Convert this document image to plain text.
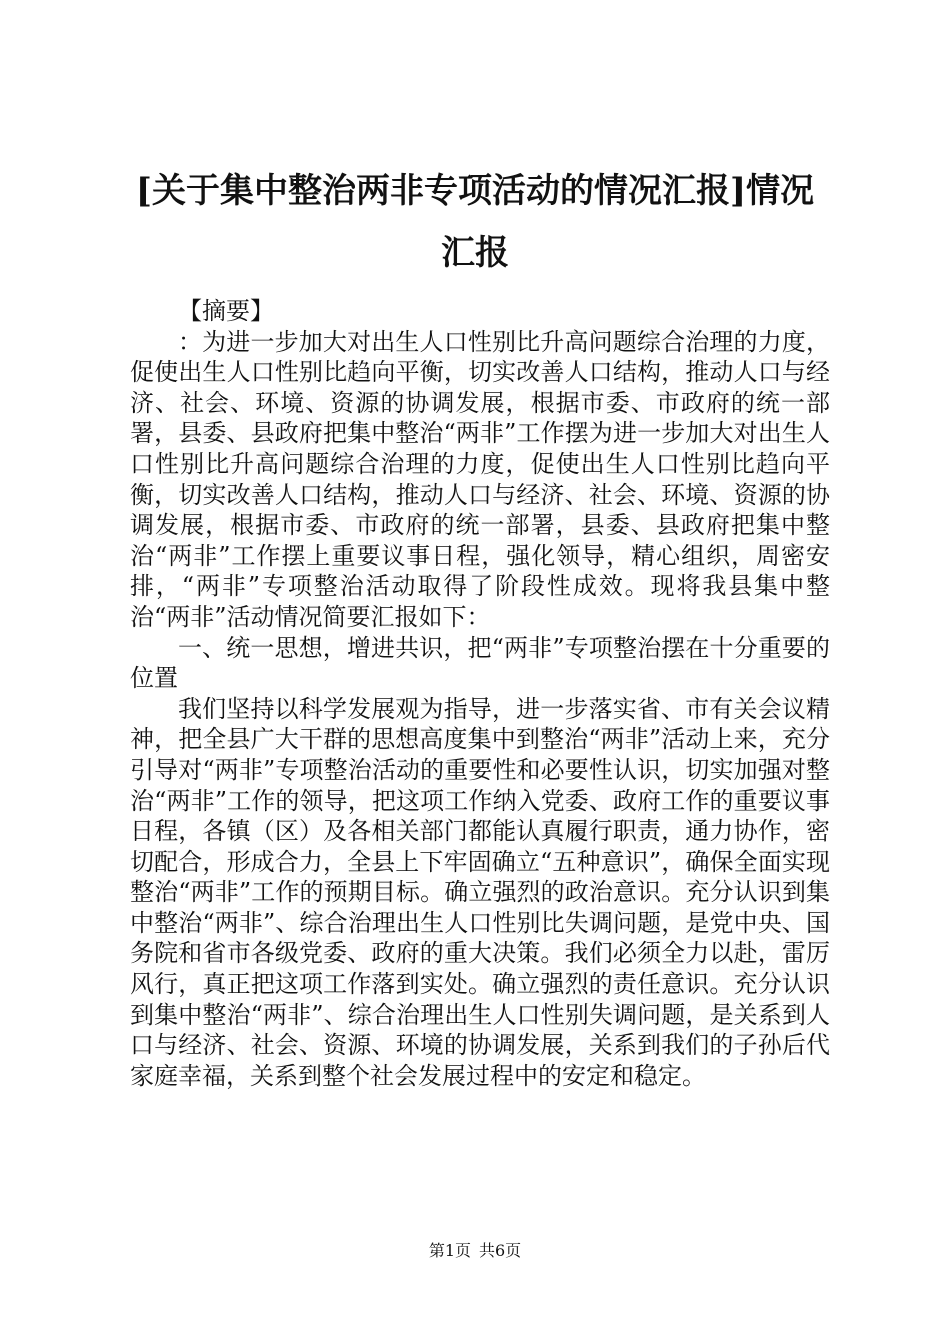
[关于集中整治两非专项活动的情况汇报]情况
汇报

【摘要】

：为进一步加大对出生人口性别比升高问题综合治理的力度，促使出生人口性别比趋向平衡，切实改善人口结构，推动人口与经济、社会、环境、资源的协调发展，根据市委、市政府的统一部署，县委、县政府把集中整治“两非”工作摆为进一步加大对出生人口性别比升高问题综合治理的力度，促使出生人口性别比趋向平衡，切实改善人口结构，推动人口与经济、社会、环境、资源的协调发展，根据市委、市政府的统一部署，县委、县政府把集中整治“两非”工作摆上重要议事日程，强化领导，精心组织，周密安排，“两非”专项整治活动取得了阶段性成效。现将我县集中整治“两非”活动情况简要汇报如下：

一、统一思想，增进共识，把“两非”专项整治摆在十分重要的位置

我们坚持以科学发展观为指导，进一步落实省、市有关会议精神，把全县广大干群的思想高度集中到整治“两非”活动上来，充分引导对“两非”专项整治活动的重要性和必要性认识，切实加强对整治“两非”工作的领导，把这项工作纳入党委、政府工作的重要议事日程，各镇（区）及各相关部门都能认真履行职责，通力协作，密切配合，形成合力，全县上下牢固确立“五种意识”，确保全面实现整治“两非”工作的预期目标。确立强烈的政治意识。充分认识到集中整治“两非”、综合治理出生人口性别比失调问题，是党中央、国务院和省市各级党委、政府的重大决策。我们必须全力以赴，雷厉风行，真正把这项工作落到实处。确立强烈的责任意识。充分认识到集中整治“两非”、综合治理出生人口性别失调问题，是关系到人口与经济、社会、资源、环境的协调发展，关系到我们的子孙后代家庭幸福，关系到整个社会发展过程中的安定和稳定。

第1页 共6页
